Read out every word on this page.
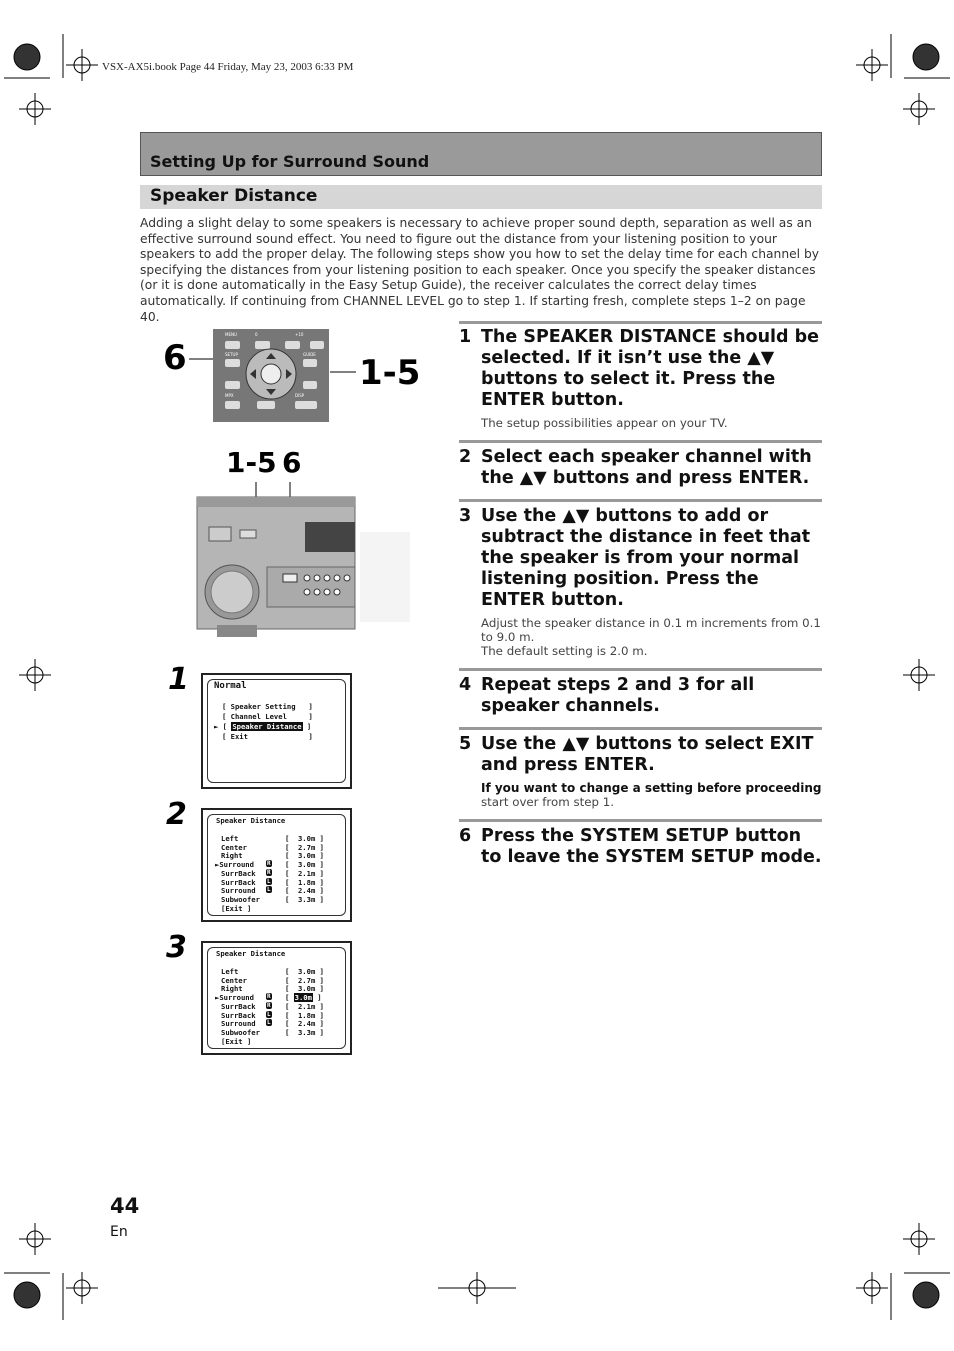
VSX-AX5i.book Page 44 Friday, May 23, 2003 6:33 PM
Setting Up for Surround Sound
Speaker Distance
Adding a slight delay to some speakers is necessary to achieve proper sound depth, separation as well as an effective surround sound effect. You need to figure out the distance from your listening position to your speakers to add the proper delay. The following steps show you how to set the delay time for each channel by specifying the distances from your listening position to each speaker. Once you specify the speaker distances (or it is done automatically in the Easy Setup Guide), the receiver calculates the correct delay times automatically. If continuing from CHANNEL LEVEL go to step 1. If starting fresh, complete steps 1–2 on page 40.
6	1-5
MENU	0	+10
SETUP	GUIDE
MPX	DISP
1-5 6
1
2
3
Normal
[ Speaker Setting   ]
[ Channel Level     ]
► [ Speaker Distance ]
[ Exit              ]
Speaker Distance
Left	[  3.0m ]
Center	[  2.7m ]
Right	[  3.0m ]
►Surround R [  3.0m ]
SurrBack R [  2.1m ]
SurrBack L [  1.8m ]
Surround L [  2.4m ]
Subwoofer	[  3.3m ]
[Exit ]
Speaker Distance
Left	[  3.0m ]
Center	[  2.7m ]
Right	[  3.0m ]
►Surround R [ 3.0m ]
SurrBack R [  2.1m ]
SurrBack L [  1.8m ]
Surround L [  2.4m ]
Subwoofer	[  3.3m ]
[Exit ]
1 The SPEAKER DISTANCE should be selected. If it isn’t use the ▲▼ buttons to select it. Press the ENTER button.
The setup possibilities appear on your TV.
2 Select each speaker channel with the ▲▼ buttons and press ENTER.
3 Use the ▲▼ buttons to add or subtract the distance in feet that the speaker is from your normal listening position. Press the ENTER button.
Adjust the speaker distance in 0.1 m increments from 0.1 to 9.0 m.
The default setting is 2.0 m.
4 Repeat steps 2 and 3 for all speaker channels.
5 Use the ▲▼ buttons to select EXIT and press ENTER.
If you want to change a setting before proceeding
start over from step 1.
6 Press the SYSTEM SETUP button to leave the SYSTEM SETUP mode.
44
En
